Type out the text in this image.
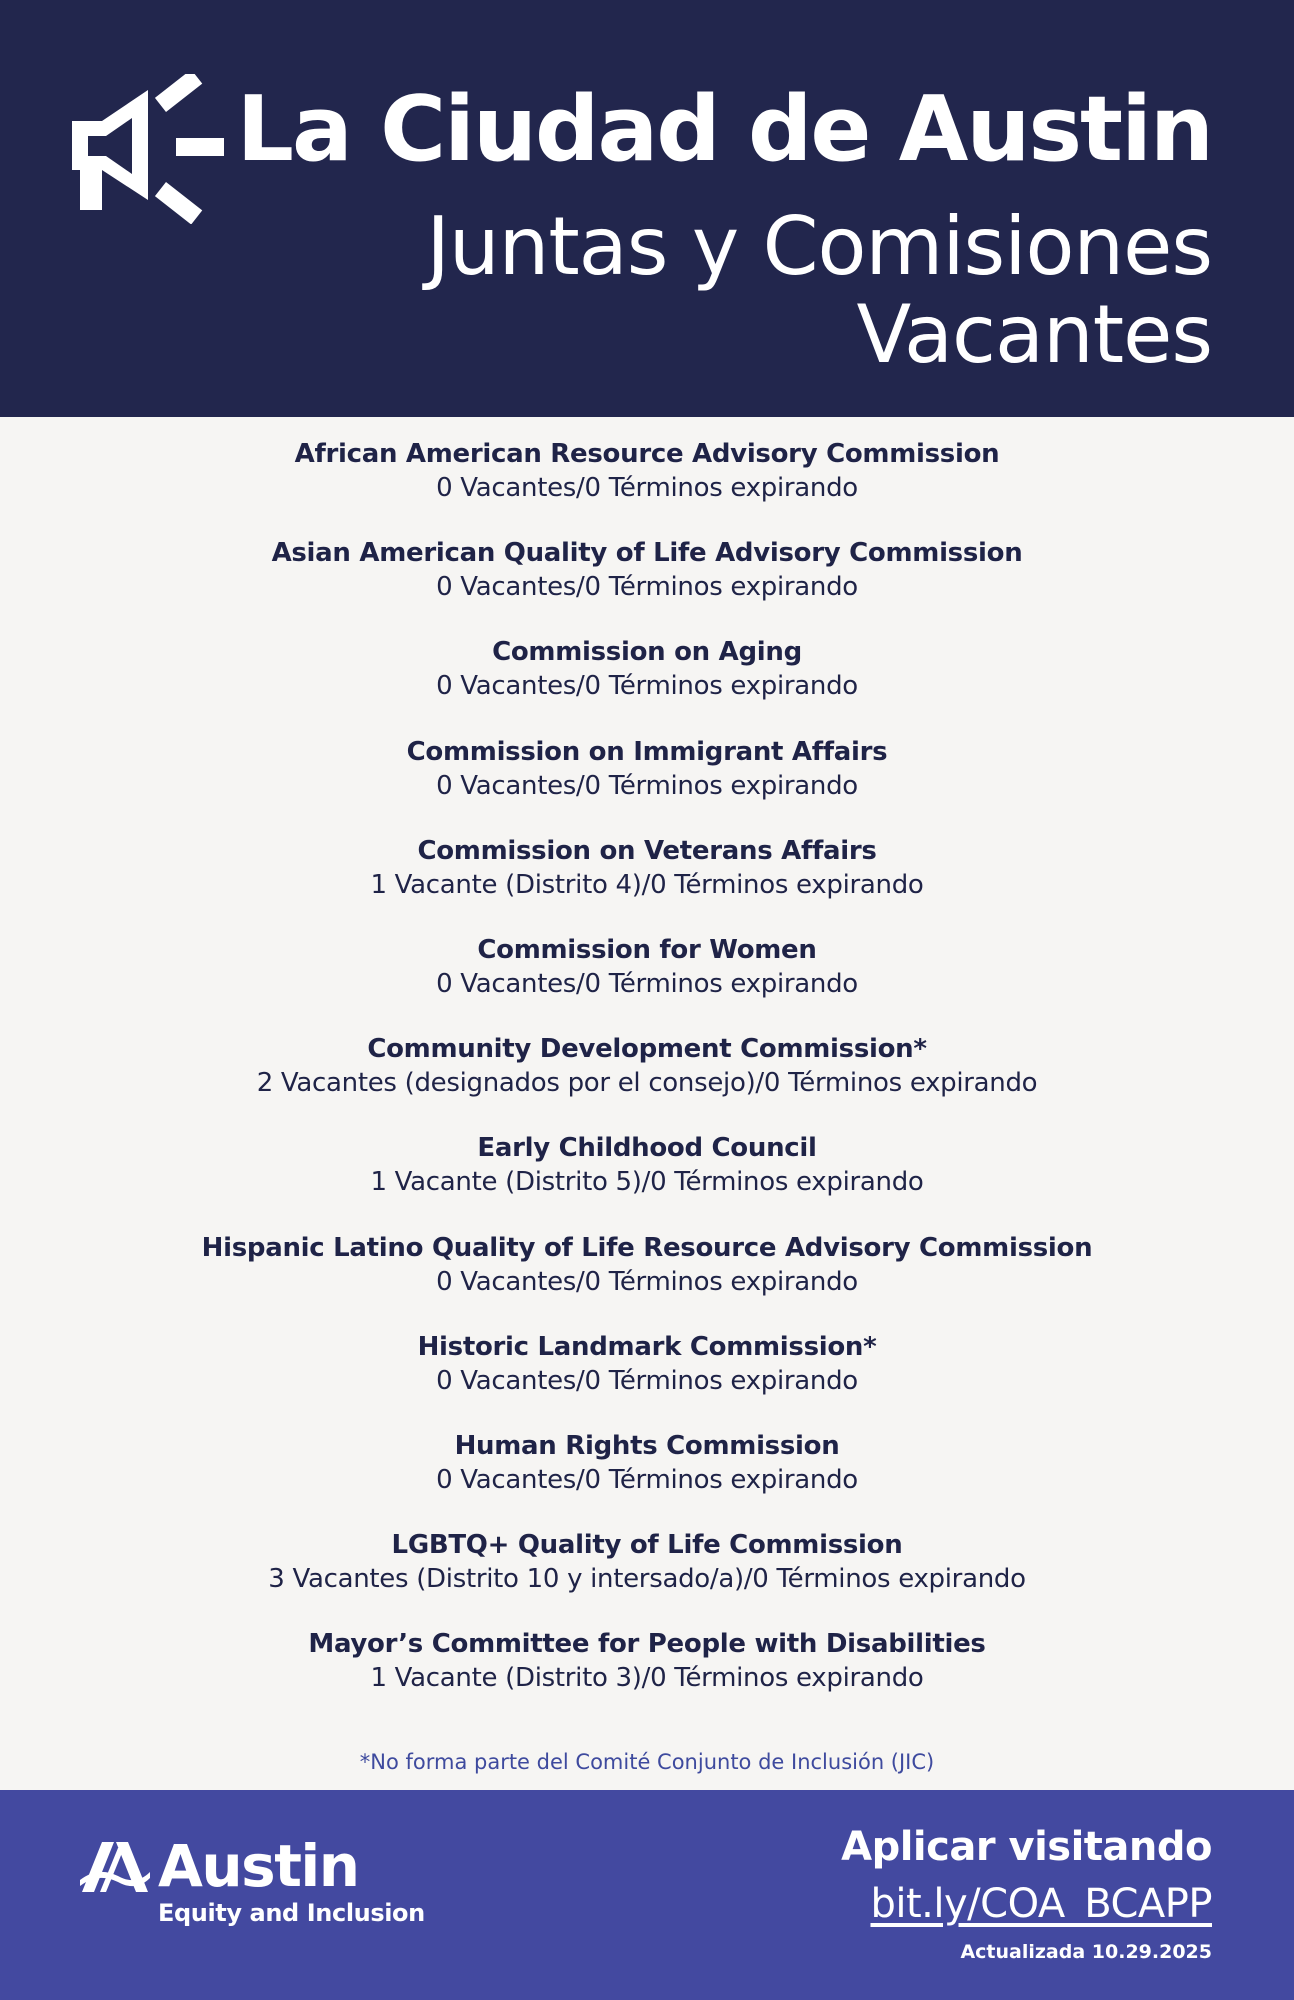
La Ciudad de Austin
Juntas y Comisiones
Vacantes
African American Resource Advisory Commission
0 Vacantes/0 Términos expirando
Asian American Quality of Life Advisory Commission
0 Vacantes/0 Términos expirando
Commission on Aging
0 Vacantes/0 Términos expirando
Commission on Immigrant Affairs
0 Vacantes/0 Términos expirando
Commission on Veterans Affairs
1 Vacante (Distrito 4)/0 Términos expirando
Commission for Women
0 Vacantes/0 Términos expirando
Community Development Commission*
2 Vacantes (designados por el consejo)/0 Términos expirando
Early Childhood Council
1 Vacante (Distrito 5)/0 Términos expirando
Hispanic Latino Quality of Life Resource Advisory Commission
0 Vacantes/0 Términos expirando
Historic Landmark Commission*
0 Vacantes/0 Términos expirando
Human Rights Commission
0 Vacantes/0 Términos expirando
LGBTQ+ Quality of Life Commission
3 Vacantes (Distrito 10 y intersado/a)/0 Términos expirando
Mayor’s Committee for People with Disabilities
1 Vacante (Distrito 3)/0 Términos expirando
*No forma parte del Comité Conjunto de Inclusión (JIC)
Austin
Equity and Inclusion
Aplicar visitando
bit.ly/COA_BCAPP
Actualizada 10.29.2025
